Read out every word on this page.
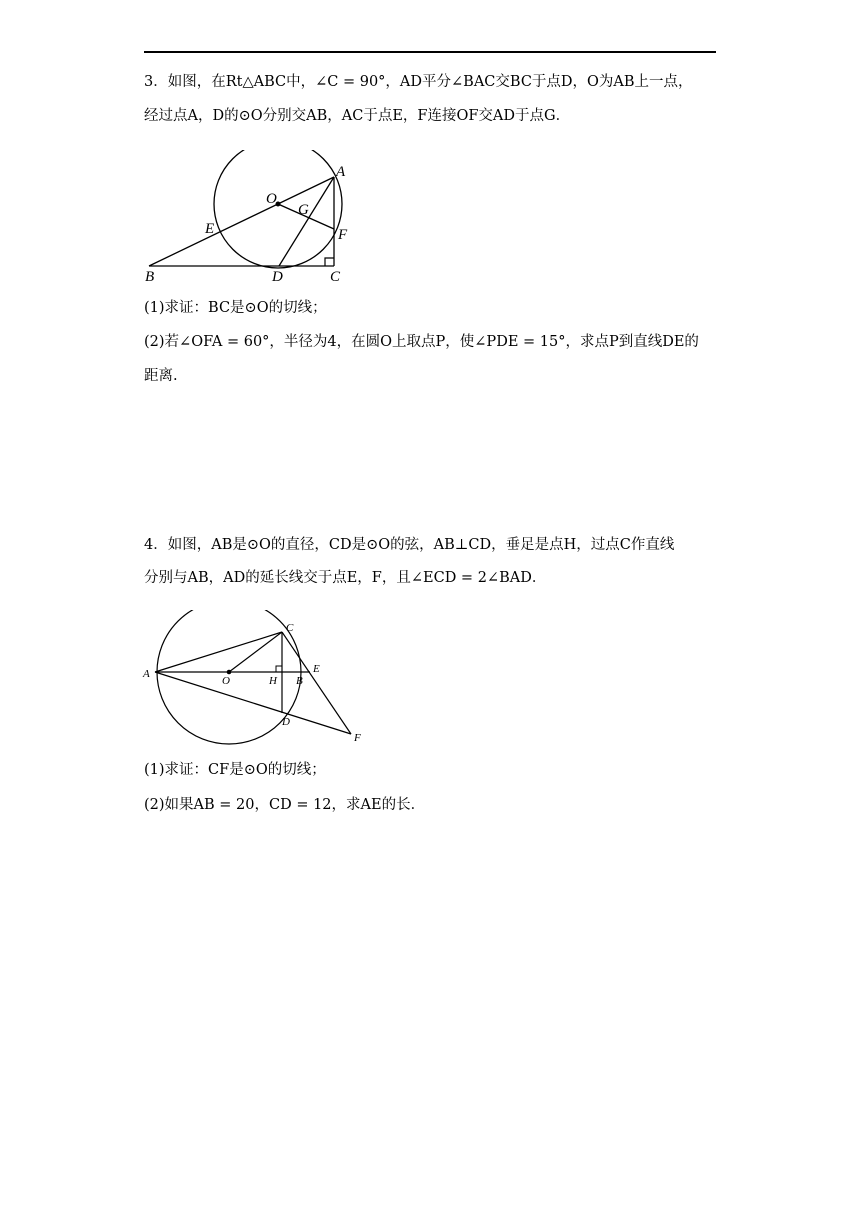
3．如图，在Rt△ABC中，∠C = 90°，AD平分∠BAC交BC于点D，O为AB上一点，
经过点A，D的⊙O分别交AB，AC于点E，F连接OF交AD于点G．
A
O
G
E	F
B	D	C
(1)求证：BC是⊙O的切线；
(2)若∠OFA = 60°，半径为4，在圆O上取点P，使∠PDE = 15°，求点P到直线DE的
距离.
4．如图，AB是⊙O的直径，CD是⊙O的弦，AB⊥CD，垂足是点H，过点C作直线
分别与AB，AD的延长线交于点E，F，且∠ECD = 2∠BAD．
A
C
O	H B
E
D
F
(1)求证：CF是⊙O的切线；
(2)如果AB = 20，CD = 12，求AE的长．
